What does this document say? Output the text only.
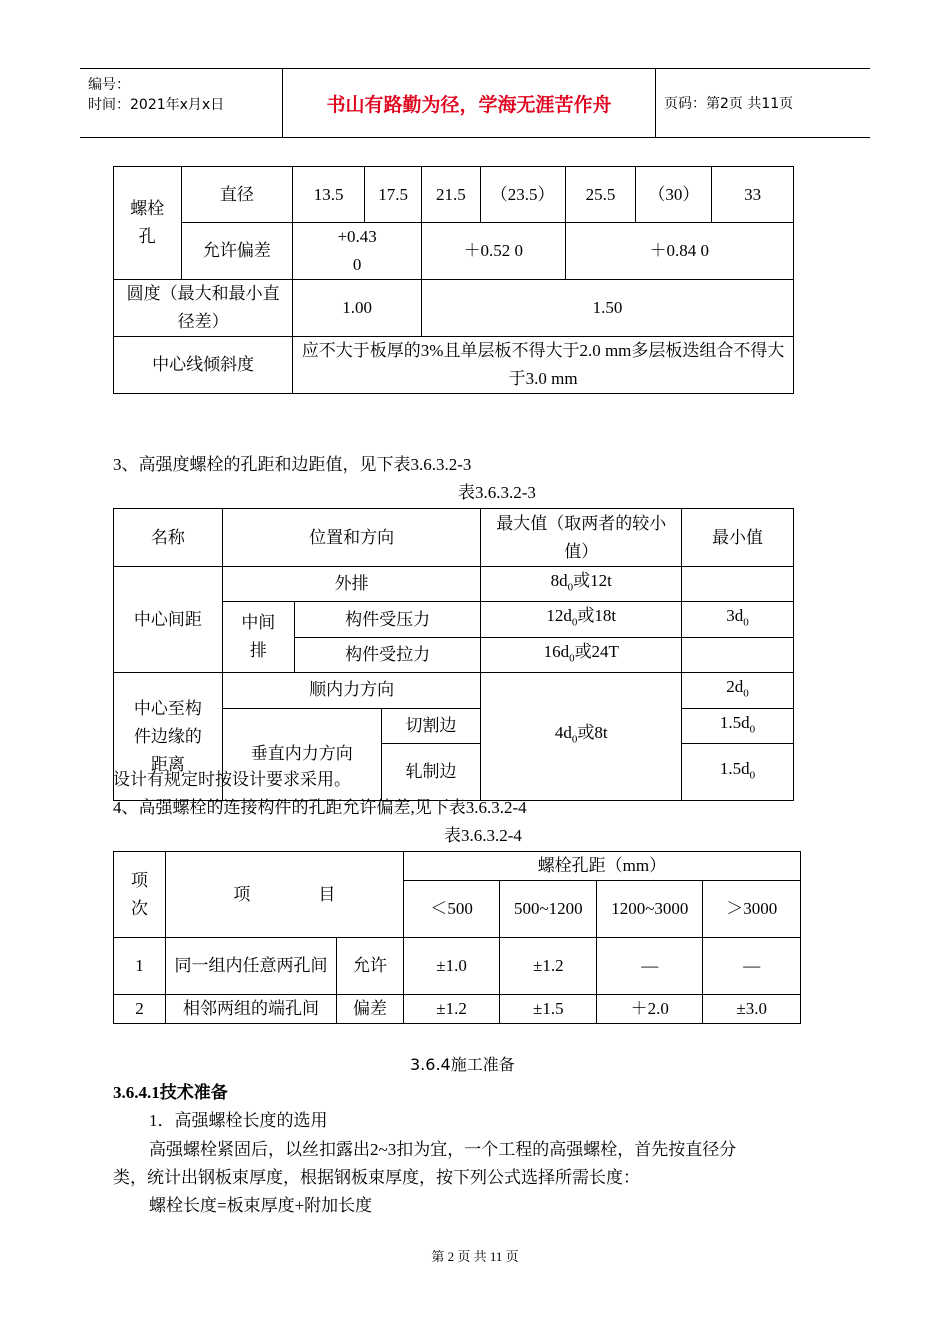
编号：
时间：2021年x月x日	书山有路勤为径，学海无涯苦作舟	页码：第2页 共11页
螺栓孔	直径	13.5	17.5	21.5	（23.5）	25.5	（30）	33
	允许偏差	+0.43 0		＋0.52 0		＋0.84 0		
圆度（最大和最小直径差）		1.00		1.50				
中心线倾斜度		应不大于板厚的3%且单层板不得大于2.0 mm多层板迭组合不得大于3.0 mm						
3、高强度螺栓的孔距和边距值，见下表3.6.3.2-3
表3.6.3.2-3
名称	位置和方向			最大值（取两者的较小值）	最小值
中心间距	外排			$8d_0$或12t	
	中间排	构件受压力		$12d_0$或18t	$3d_0$
		构件受拉力		$16d_0$或24T	
中心至构件边缘的距离	顺内力方向			$4d_0$或8t	$2d_0$
	垂直内力方向		切割边		$1.5d_0$
			轧制边		$1.5d_0$
设计有规定时按设计要求采用。
4、高强螺栓的连接构件的孔距允许偏差,见下表3.6.3.2-4
表3.6.3.2-4
项次	项　　　　目		螺栓孔距（mm）			
			＜500	500~1200	1200~3000	＞3000
1	同一组内任意两孔间	允许	±1.0	±1.2	—	—
2	相邻两组的端孔间	偏差	±1.2	±1.5	＋2.0	±3.0
3.6.4施工准备
3.6.4.1技术准备
1．高强螺栓长度的选用
高强螺栓紧固后，以丝扣露出2~3扣为宜，一个工程的高强螺栓，首先按直径分
类，统计出钢板束厚度，根据钢板束厚度，按下列公式选择所需长度：
螺栓长度=板束厚度+附加长度
第 2 页 共 11 页
